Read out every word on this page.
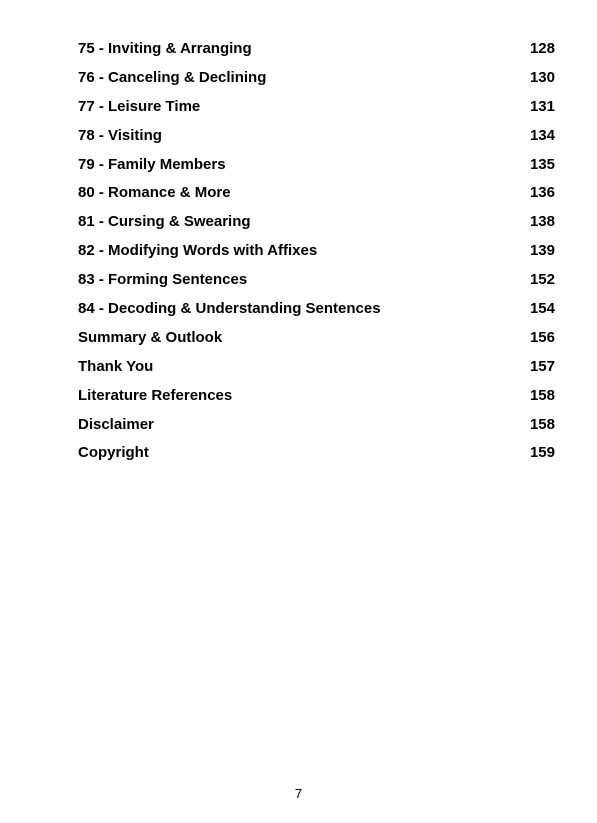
75 - Inviting & Arranging	128
76 - Canceling & Declining	130
77 - Leisure Time	131
78 - Visiting	134
79 - Family Members	135
80 - Romance & More	136
81 - Cursing & Swearing	138
82 - Modifying Words with Affixes	139
83 - Forming Sentences	152
84 - Decoding & Understanding Sentences	154
Summary & Outlook	156
Thank You	157
Literature References	158
Disclaimer	158
Copyright	159
7
